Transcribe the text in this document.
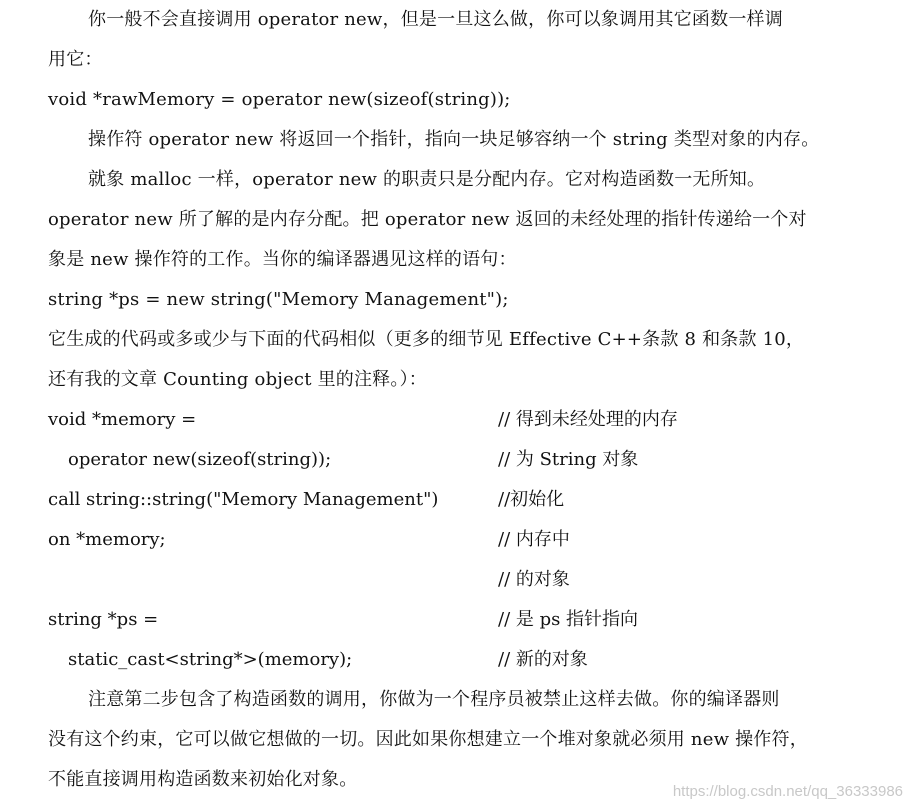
你一般不会直接调用 operator new，但是一旦这么做，你可以象调用其它函数一样调
用它：
void *rawMemory = operator new(sizeof(string));
操作符 operator new 将返回一个指针，指向一块足够容纳一个 string 类型对象的内存。
就象 malloc 一样，operator new 的职责只是分配内存。它对构造函数一无所知。
operator new 所了解的是内存分配。把 operator new 返回的未经处理的指针传递给一个对
象是 new 操作符的工作。当你的编译器遇见这样的语句：
string *ps = new string("Memory Management");
它生成的代码或多或少与下面的代码相似（更多的细节见 Effective C++条款 8 和条款 10，
还有我的文章 Counting object 里的注释。）：
void *memory =	// 得到未经处理的内存
operator new(sizeof(string));	// 为 String 对象
call string::string("Memory Management")	//初始化
on *memory;	// 内存中
// 的对象
string *ps =	// 是 ps 指针指向
static_cast<string*>(memory);	// 新的对象
注意第二步包含了构造函数的调用，你做为一个程序员被禁止这样去做。你的编译器则
没有这个约束，它可以做它想做的一切。因此如果你想建立一个堆对象就必须用 new 操作符，
不能直接调用构造函数来初始化对象。
https://blog.csdn.net/qq_36333986
